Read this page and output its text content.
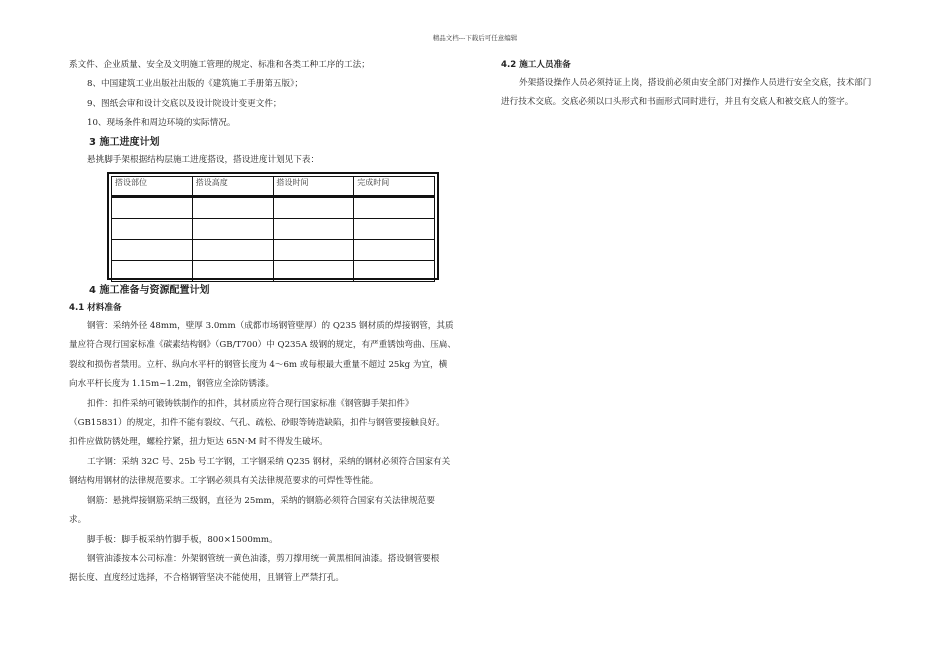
精品文档---下载后可任意编辑

系文件、企业质量、安全及文明施工管理的规定、标准和各类工种工序的工法；

8、中国建筑工业出版社出版的《建筑施工手册第五版》；

9、图纸会审和设计交底以及设计院设计变更文件；

10、现场条件和周边环境的实际情况。

3 施工进度计划

悬挑脚手架根据结构层施工进度搭设，搭设进度计划见下表：

搭设部位	搭设高度	搭设时间	完成时间

4 施工准备与资源配置计划

4.1 材料准备

钢管：采纳外径 48mm，壁厚 3.0mm（成都市场钢管壁厚）的 Q235 钢材质的焊接钢管，其质

量应符合现行国家标准《碳素结构钢》（GB/T700）中 Q235A 级钢的规定，有严重锈蚀弯曲、压扁、

裂纹和损伤者禁用。立杆、纵向水平杆的钢管长度为 4～6m 或每根最大重量不超过 25kg 为宜，横

向水平杆长度为 1.15m~1.2m，钢管应全涂防锈漆。

扣件：扣件采纳可锻铸铁制作的扣件，其材质应符合现行国家标准《钢管脚手架扣件》

（GB15831）的规定，扣件不能有裂纹、气孔、疏松、砂眼等铸造缺陷，扣件与钢管要接触良好。

扣件应做防锈处理，螺栓拧紧，扭力矩达 65N·M 时不得发生破坏。

工字钢：采纳 32C 号、25b 号工字钢，工字钢采纳 Q235 钢材，采纳的钢材必须符合国家有关

钢结构用钢材的法律规范要求。工字钢必须具有关法律规范要求的可焊性等性能。

钢筋：悬挑焊接钢筋采纳三级钢，直径为 25mm，采纳的钢筋必须符合国家有关法律规范要

求。

脚手板：脚手板采纳竹脚手板，800×1500mm。

钢管油漆按本公司标准：外架钢管统一黄色油漆，剪刀撑用统一黄黑相间油漆。搭设钢管要根

据长度、直度经过选择，不合格钢管坚决不能使用，且钢管上严禁打孔。

4.2 施工人员准备

外架搭设操作人员必须持证上岗，搭设前必须由安全部门对操作人员进行安全交底，技术部门

进行技术交底。交底必须以口头形式和书面形式同时进行，并且有交底人和被交底人的签字。
